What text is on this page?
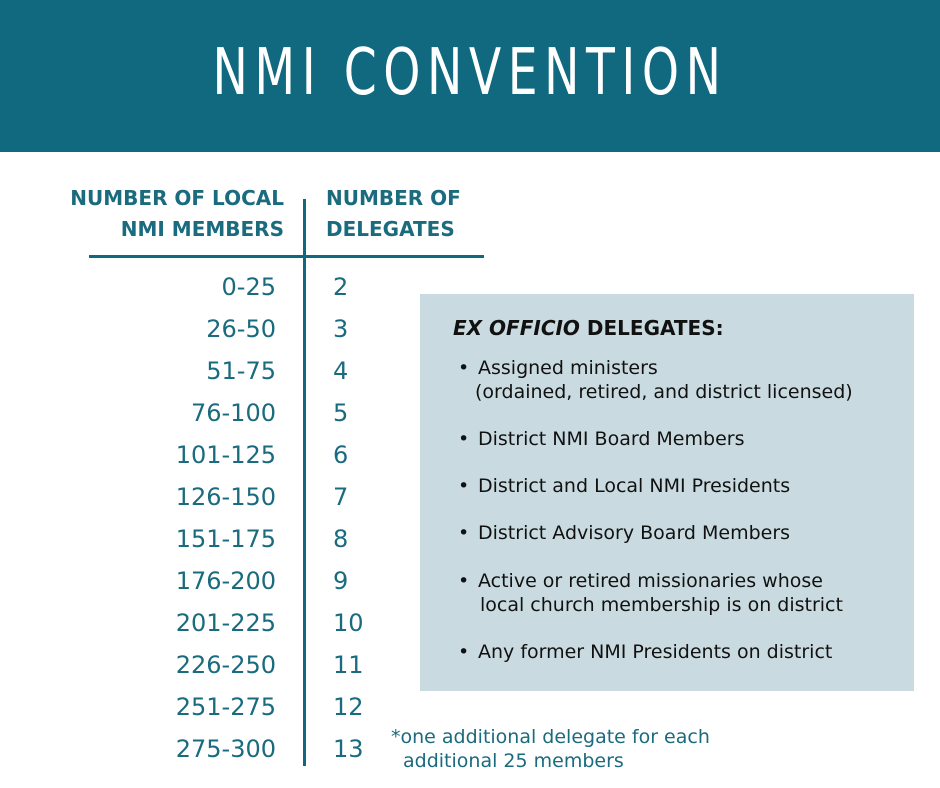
NMI CONVENTION
NUMBER OF LOCAL
NMI MEMBERS
NUMBER OF
DELEGATES
0-25 2
26-50 3
51-75 4
76-100 5
101-125 6
126-150 7
151-175 8
176-200 9
201-225 10
226-250 11
251-275 12
275-300 13
EX OFFICIO DELEGATES:
• Assigned ministers
(ordained, retired, and district licensed)
• District NMI Board Members
• District and Local NMI Presidents
• District Advisory Board Members
• Active or retired missionaries whose
local church membership is on district
• Any former NMI Presidents on district
*one additional delegate for each
additional 25 members
